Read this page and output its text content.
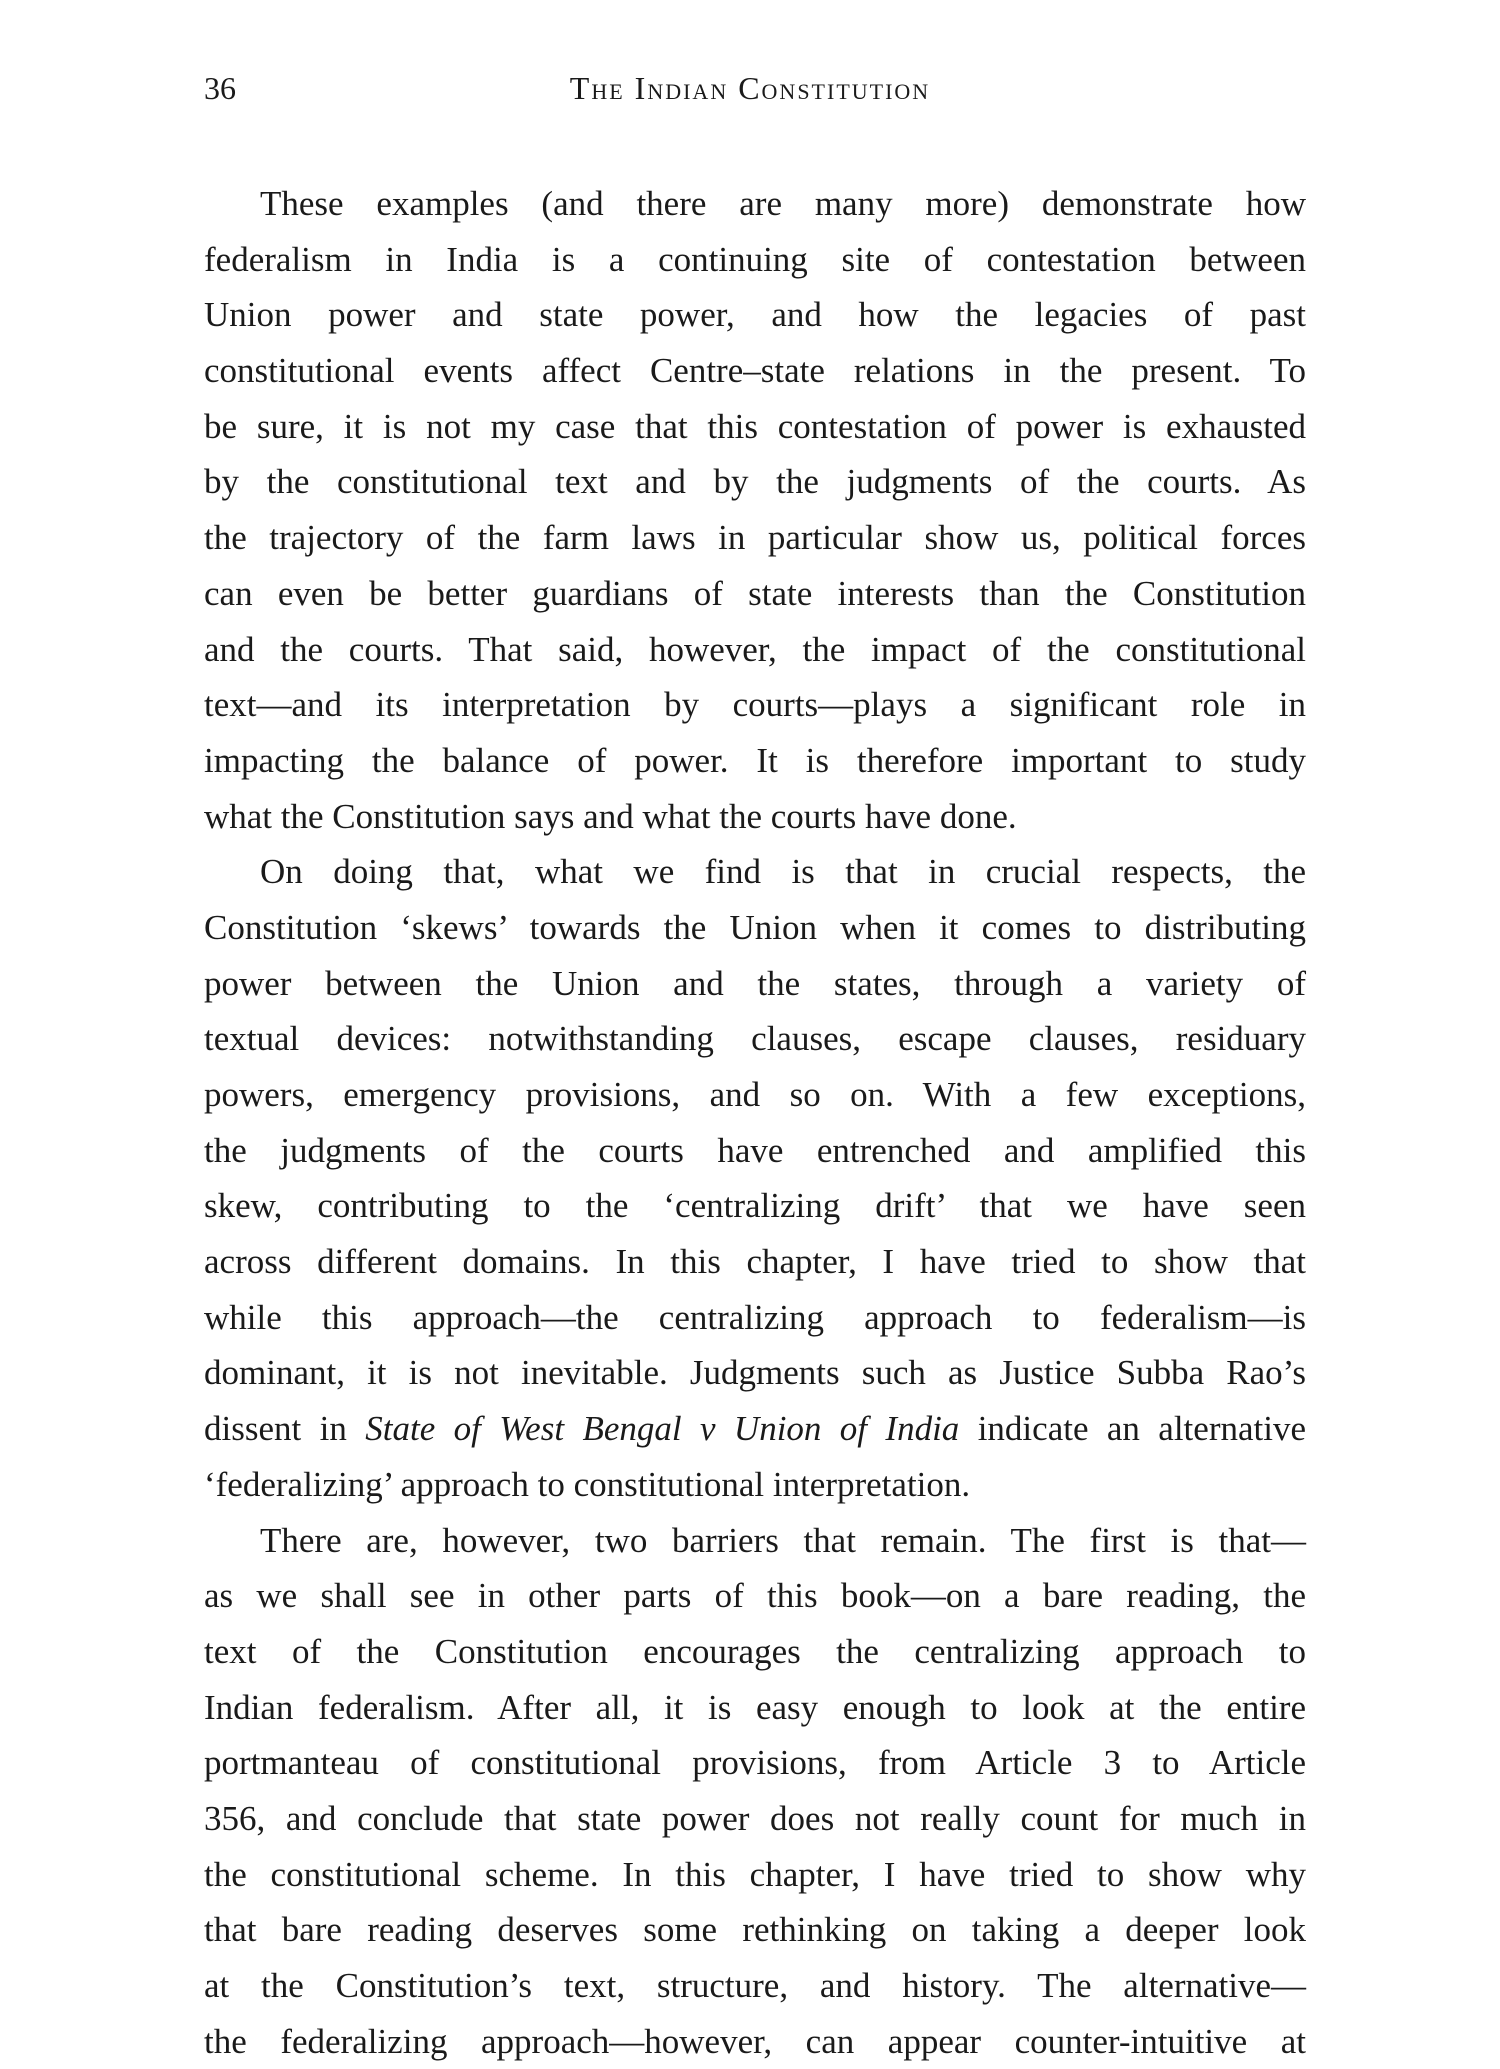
36	The Indian Constitution
These examples (and there are many more) demonstrate how
federalism in India is a continuing site of contestation between
Union power and state power, and how the legacies of past
constitutional events affect Centre–state relations in the present. To
be sure, it is not my case that this contestation of power is exhausted
by the constitutional text and by the judgments of the courts. As
the trajectory of the farm laws in particular show us, political forces
can even be better guardians of state interests than the Constitution
and the courts. That said, however, the impact of the constitutional
text—and its interpretation by courts—plays a significant role in
impacting the balance of power. It is therefore important to study
what the Constitution says and what the courts have done.
On doing that, what we find is that in crucial respects, the
Constitution ‘skews’ towards the Union when it comes to distributing
power between the Union and the states, through a variety of
textual devices: notwithstanding clauses, escape clauses, residuary
powers, emergency provisions, and so on. With a few exceptions,
the judgments of the courts have entrenched and amplified this
skew, contributing to the ‘centralizing drift’ that we have seen
across different domains. In this chapter, I have tried to show that
while this approach—the centralizing approach to federalism—is
dominant, it is not inevitable. Judgments such as Justice Subba Rao’s
dissent in State of West Bengal v Union of India indicate an alternative
‘federalizing’ approach to constitutional interpretation.
There are, however, two barriers that remain. The first is that—
as we shall see in other parts of this book—on a bare reading, the
text of the Constitution encourages the centralizing approach to
Indian federalism. After all, it is easy enough to look at the entire
portmanteau of constitutional provisions, from Article 3 to Article
356, and conclude that state power does not really count for much in
the constitutional scheme. In this chapter, I have tried to show why
that bare reading deserves some rethinking on taking a deeper look
at the Constitution’s text, structure, and history. The alternative—
the federalizing approach—however, can appear counter-intuitive at
